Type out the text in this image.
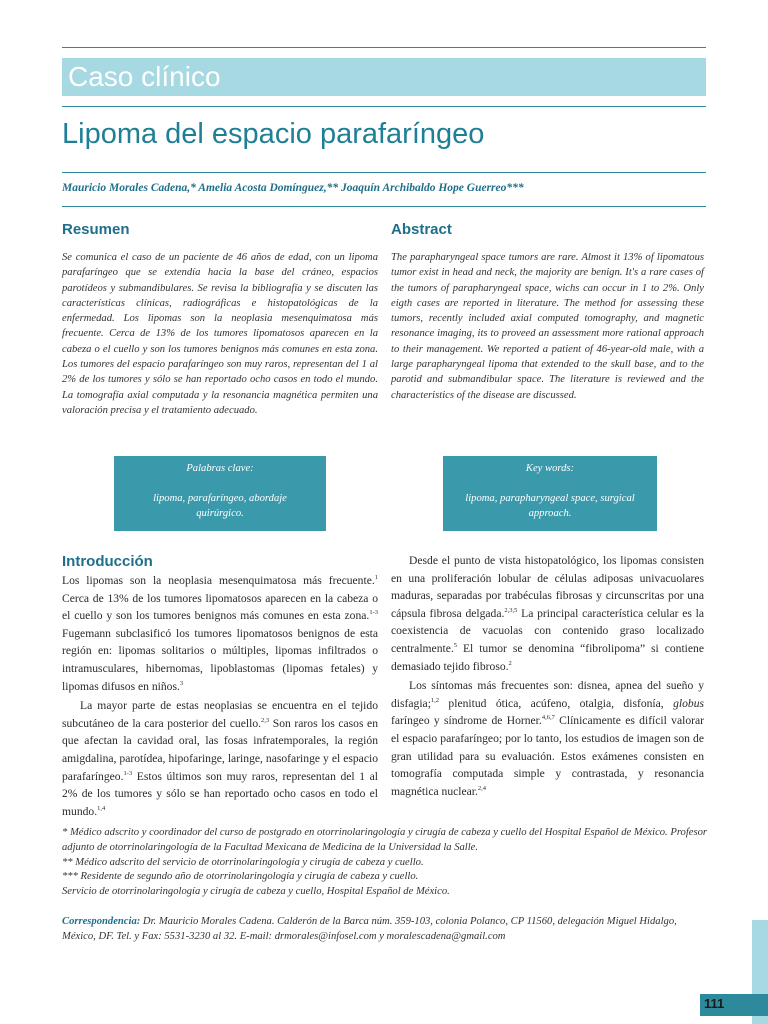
Caso clínico
Lipoma del espacio parafaríngeo
Mauricio Morales Cadena,* Amelia Acosta Domínguez,** Joaquín Archibaldo Hope Guerreo***
Resumen

Se comunica el caso de un paciente de 46 años de edad, con un lipoma parafaríngeo que se extendía hacia la base del cráneo, espacios parotídeos y submandibulares. Se revisa la bibliografía y se discuten las características clínicas, radiográficas e histopatológicas de la enfermedad. Los lipomas son la neoplasia mesenquimatosa más frecuente. Cerca de 13% de los tumores lipomatosos aparecen en la cabeza o el cuello y son los tumores benignos más comunes en esta zona. Los tumores del espacio parafaríngeo son muy raros, representan del 1 al 2% de los tumores y sólo se han reportado ocho casos en todo el mundo. La tomografía axial computada y la resonancia magnética permiten una valoración precisa y el tratamiento adecuado.

Abstract

The parapharyngeal space tumors are rare. Almost it 13% of lipomatous tumor exist in head and neck, the majority are benign. It's a rare cases of the tumors of parapharyngeal space, wichs can occur in 1 to 2%. Only eigth cases are reported in literature. The method for assessing these tumors, recently included axial computed tomography, and magnetic resonance imaging, its to proveed an assessment more rational approach to their management. We reported a patient of 46-year-old male, with a large parapharyngeal lipoma that extended to the skull base, and to the parotid and submandibular space. The literature is reviewed and the characteristics of the disease are discussed.

Palabras clave:
lipoma, parafaríngeo, abordaje quirúrgico.
Key words:
lipoma, parapharyngeal space, surgical approach.
Introducción

Los lipomas son la neoplasia mesenquimatosa más frecuente.$^1$ Cerca de 13% de los tumores lipomatosos aparecen en la cabeza o el cuello y son los tumores benignos más comunes en esta zona.$^{1-3}$ Fugemann subclasificó los tumores lipomatosos benignos de esta región en: lipomas solitarios o múltiples, lipomas infiltrados o intramusculares, hibernomas, lipoblastomas (lipomas fetales) y lipomas difusos en niños.$^3$

La mayor parte de estas neoplasias se encuentra en el tejido subcutáneo de la cara posterior del cuello.$^{2,3}$ Son raros los casos en que afectan la cavidad oral, las fosas infratemporales, la región amigdalina, parotídea, hipofaringe, laringe, nasofaringe y el espacio parafaríngeo.$^{1-3}$ Estos últimos son muy raros, representan del 1 al 2% de los tumores y sólo se han reportado ocho casos en todo el mundo.$^{1,4}$

Desde el punto de vista histopatológico, los lipomas consisten en una proliferación lobular de células adiposas univacuolares maduras, separadas por trabéculas fibrosas y circunscritas por una cápsula fibrosa delgada.$^{2,3,5}$ La principal característica celular es la coexistencia de vacuolas con contenido graso localizado centralmente.$^5$ El tumor se denomina “fibrolipoma” si contiene demasiado tejido fibroso.$^2$

Los síntomas más frecuentes son: disnea, apnea del sueño y disfagia;$^{1,2}$ plenitud ótica, acúfeno, otalgia, disfonía, globus faríngeo y síndrome de Horner.$^{4,6,7}$ Clínicamente es difícil valorar el espacio parafaríngeo; por lo tanto, los estudios de imagen son de gran utilidad para su evaluación. Estos exámenes consisten en tomografía computada simple y contrastada, y resonancia magnética nuclear.$^{2,4}$

* Médico adscrito y coordinador del curso de postgrado en otorrinolaringología y cirugía de cabeza y cuello del Hospital Español de México. Profesor adjunto de otorrinolaringología de la Facultad Mexicana de Medicina de la Universidad la Salle.

** Médico adscrito del servicio de otorrinolaringología y cirugía de cabeza y cuello.

*** Residente de segundo año de otorrinolaringología y cirugía de cabeza y cuello.

Servicio de otorrinolaringología y cirugía de cabeza y cuello, Hospital Español de México.

Correspondencia: Dr. Mauricio Morales Cadena. Calderón de la Barca núm. 359-103, colonia Polanco, CP 11560, delegación Miguel Hidalgo, México, DF. Tel. y Fax: 5531-3230 al 32. E-mail: drmorales@infosel.com y moralescadena@gmail.com
111
